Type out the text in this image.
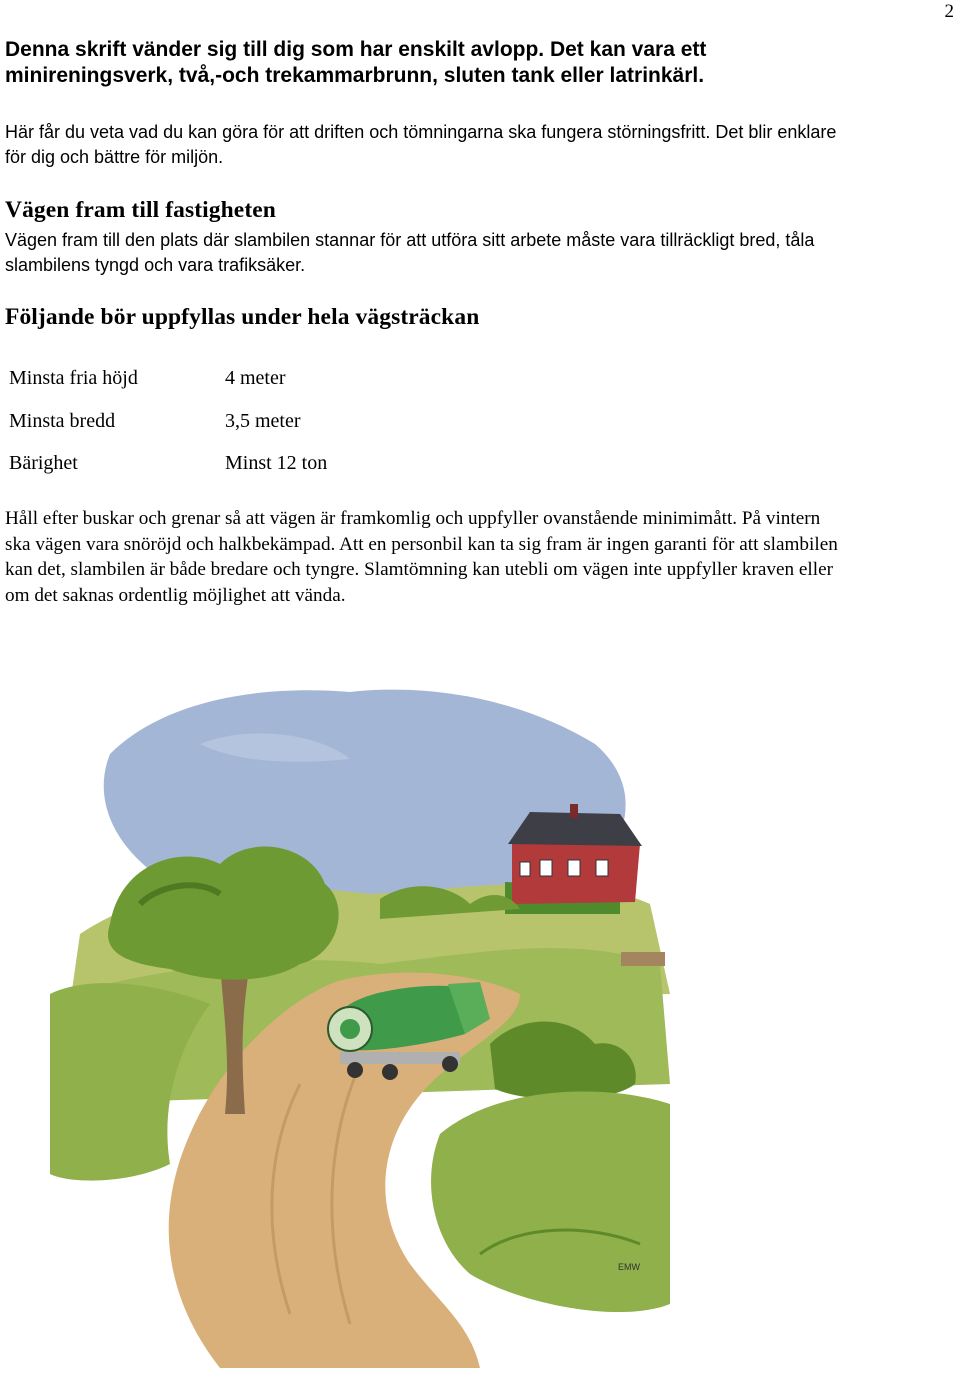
2

Denna skrift vänder sig till dig som har enskilt avlopp. Det kan vara ett
minireningsverk, två,-och trekammarbrunn, sluten tank eller latrinkärl.

Här får du veta vad du kan göra för att driften och tömningarna ska fungera störningsfritt. Det blir enklare
för dig och bättre för miljön.

Vägen fram till fastigheten

Vägen fram till den plats där slambilen stannar för att utföra sitt arbete måste vara tillräckligt bred, tåla
slambilens tyngd och vara trafiksäker.

Följande bör uppfyllas under hela vägsträckan
Minsta fria höjd	4 meter
Minsta bredd	3,5 meter
Bärighet	Minst 12 ton

Håll efter buskar och grenar så att vägen är framkomlig och uppfyller ovanstående minimimått. På vintern
ska vägen vara snöröjd och halkbekämpad. Att en personbil kan ta sig fram är ingen garanti för att slambilen
kan det, slambilen är både bredare och tyngre. Slamtömning kan utebli om vägen inte uppfyller kraven eller
om det saknas ordentlig möjlighet att vända.

EMW
